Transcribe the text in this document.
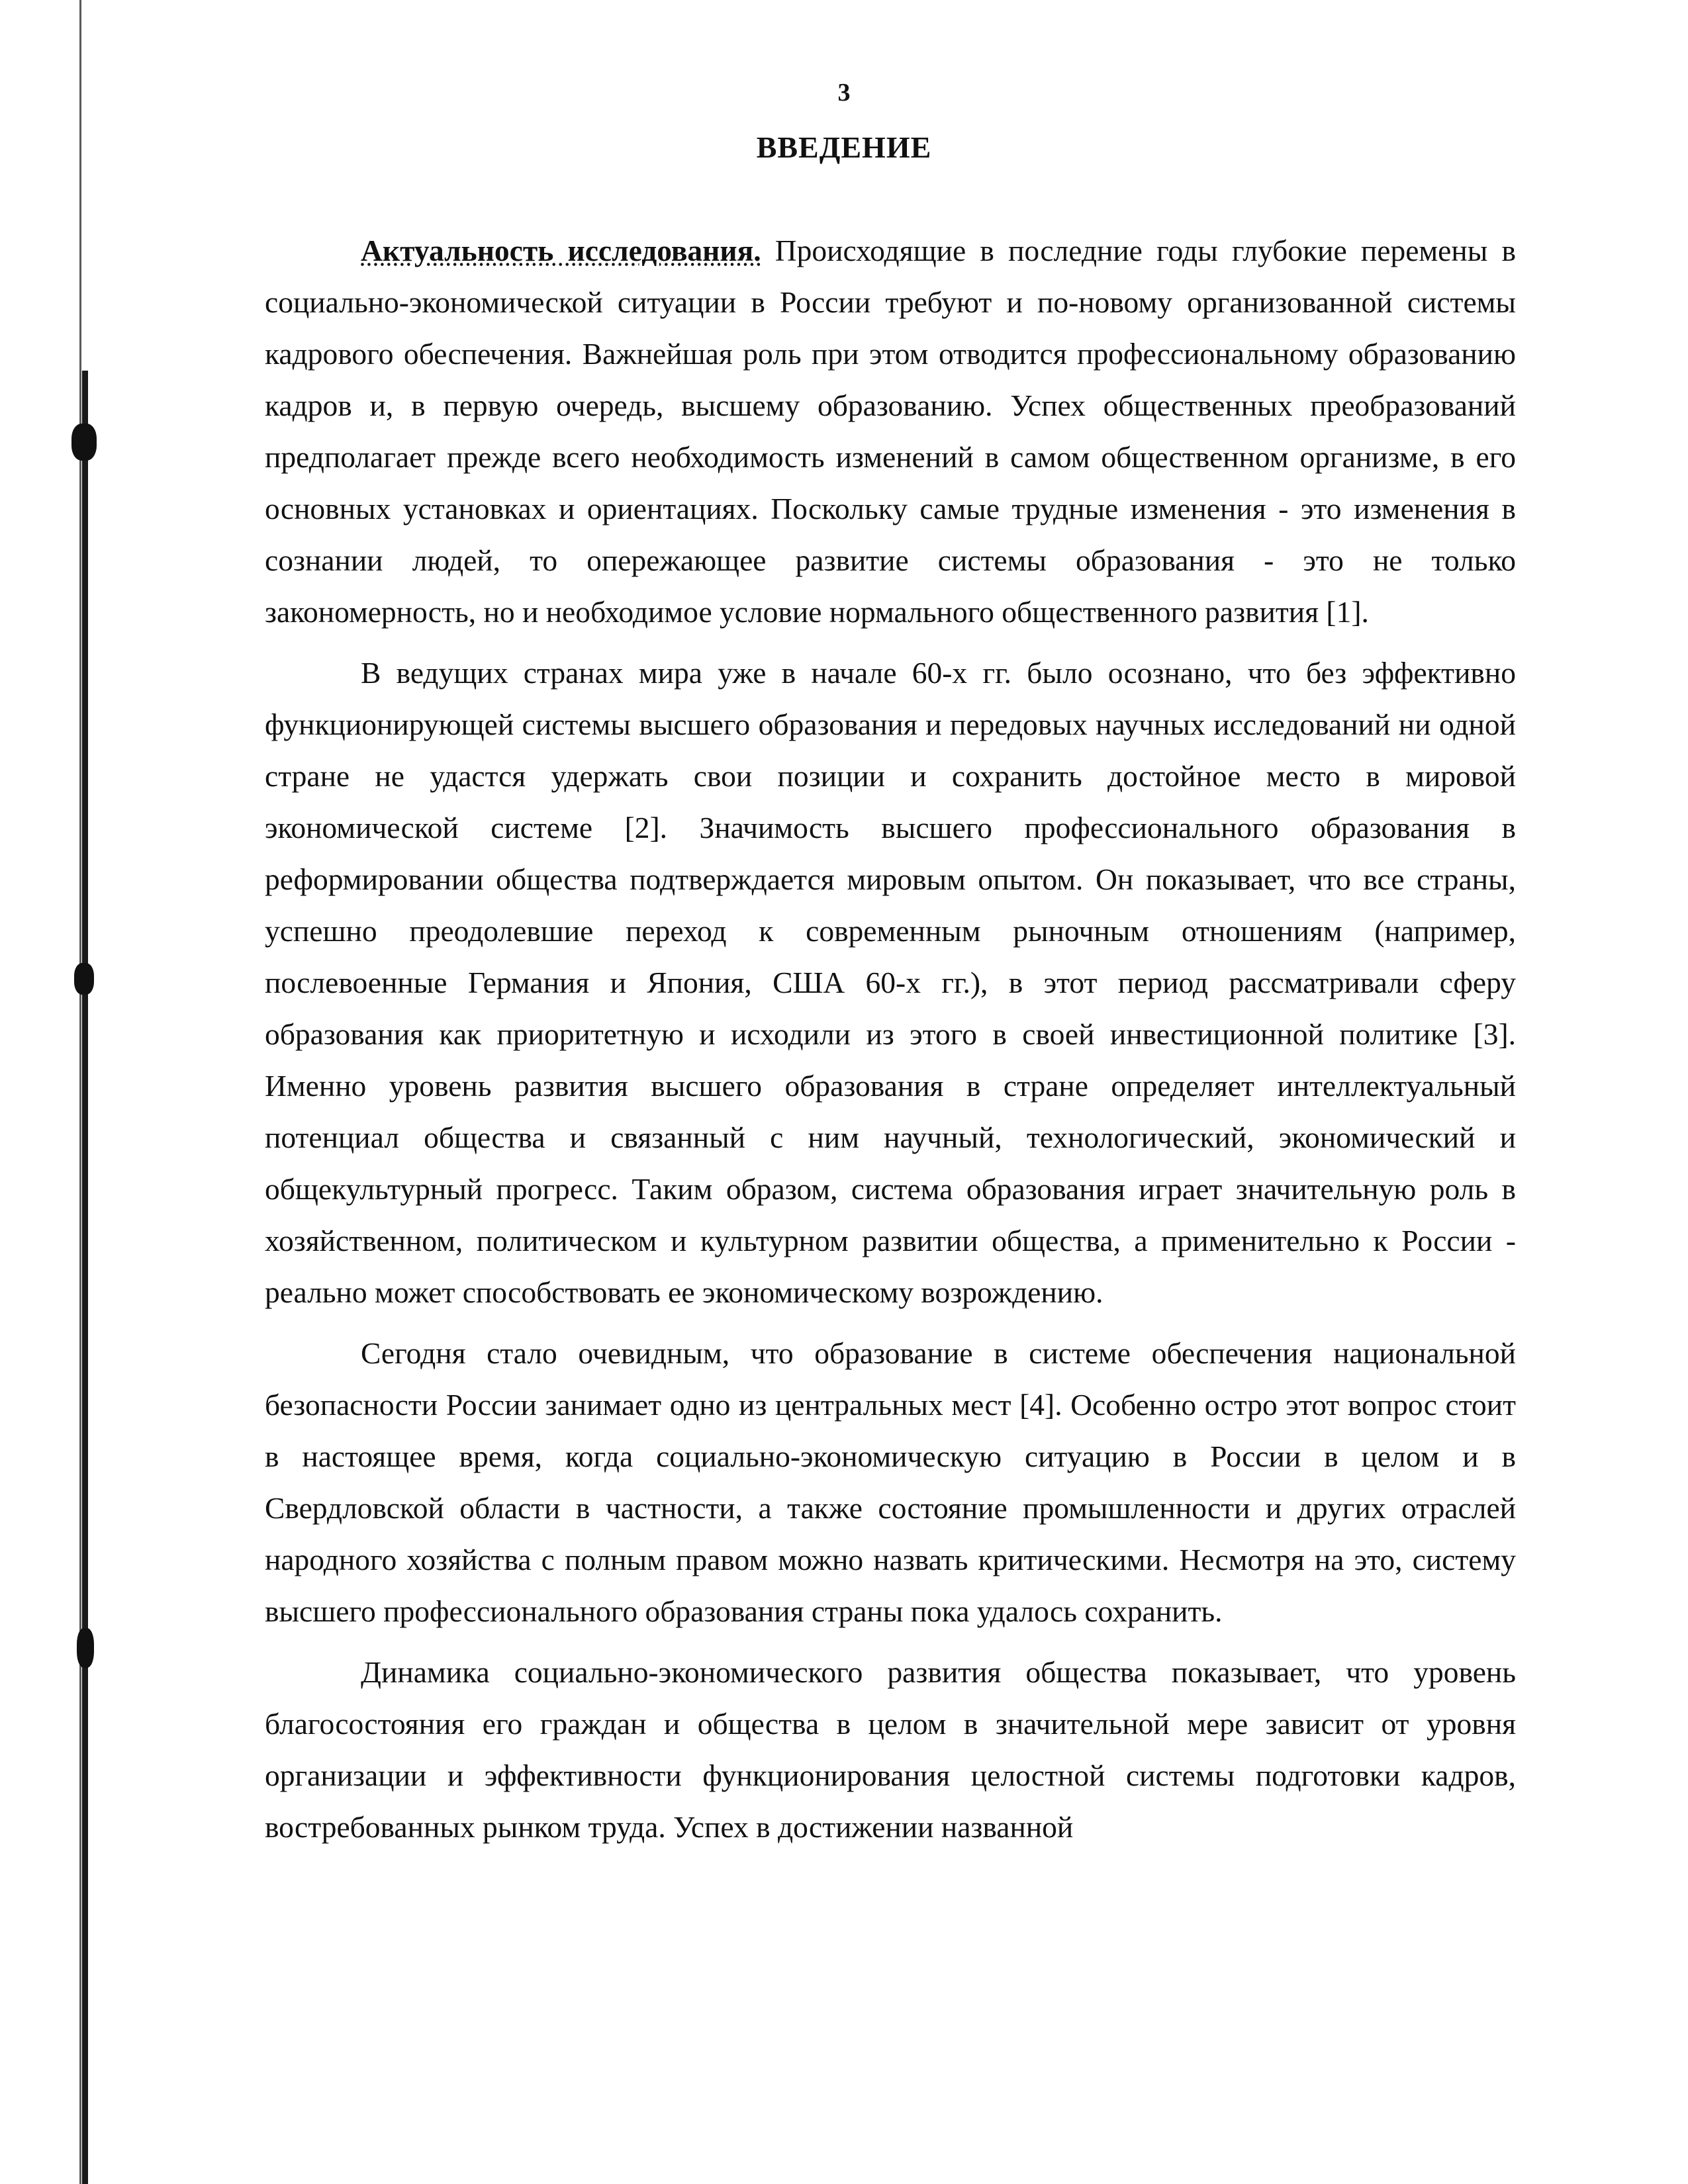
3
ВВЕДЕНИЕ

Актуальность исследования. Происходящие в последние годы глубокие перемены в социально-экономической ситуации в России требуют и по-новому организованной системы кадрового обеспечения. Важнейшая роль при этом отводится профессиональному образованию кадров и, в первую очередь, высшему образованию. Успех общественных преобразований предполагает прежде всего необходимость изменений в самом общественном организме, в его основных установках и ориентациях. Поскольку самые трудные изменения - это изменения в сознании людей, то опережающее развитие системы образования - это не только закономерность, но и необходимое условие нормального общественного развития [1].

В ведущих странах мира уже в начале 60-х гг. было осознано, что без эффективно функционирующей системы высшего образования и передовых научных исследований ни одной стране не удастся удержать свои позиции и сохранить достойное место в мировой экономической системе [2]. Значимость высшего профессионального образования в реформировании общества подтверждается мировым опытом. Он показывает, что все страны, успешно преодолевшие переход к современным рыночным отношениям (например, послевоенные Германия и Япония, США 60-х гг.), в этот период рассматривали сферу образования как приоритетную и исходили из этого в своей инвестиционной политике [3]. Именно уровень развития высшего образования в стране определяет интеллектуальный потенциал общества и связанный с ним научный, технологический, экономический и общекультурный прогресс. Таким образом, система образования играет значительную роль в хозяйственном, политическом и культурном развитии общества, а применительно к России - реально может способствовать ее экономическому возрождению.

Сегодня стало очевидным, что образование в системе обеспечения национальной безопасности России занимает одно из центральных мест [4]. Особенно остро этот вопрос стоит в настоящее время, когда социально-экономическую ситуацию в России в целом и в Свердловской области в частности, а также состояние промышленности и других отраслей народного хозяйства с полным правом можно назвать критическими. Несмотря на это, систему высшего профессионального образования страны пока удалось сохранить.

Динамика социально-экономического развития общества показывает, что уровень благосостояния его граждан и общества в целом в значительной мере зависит от уровня организации и эффективности функционирования целостной системы подготовки кадров, востребованных рынком труда. Успех в достижении названной
